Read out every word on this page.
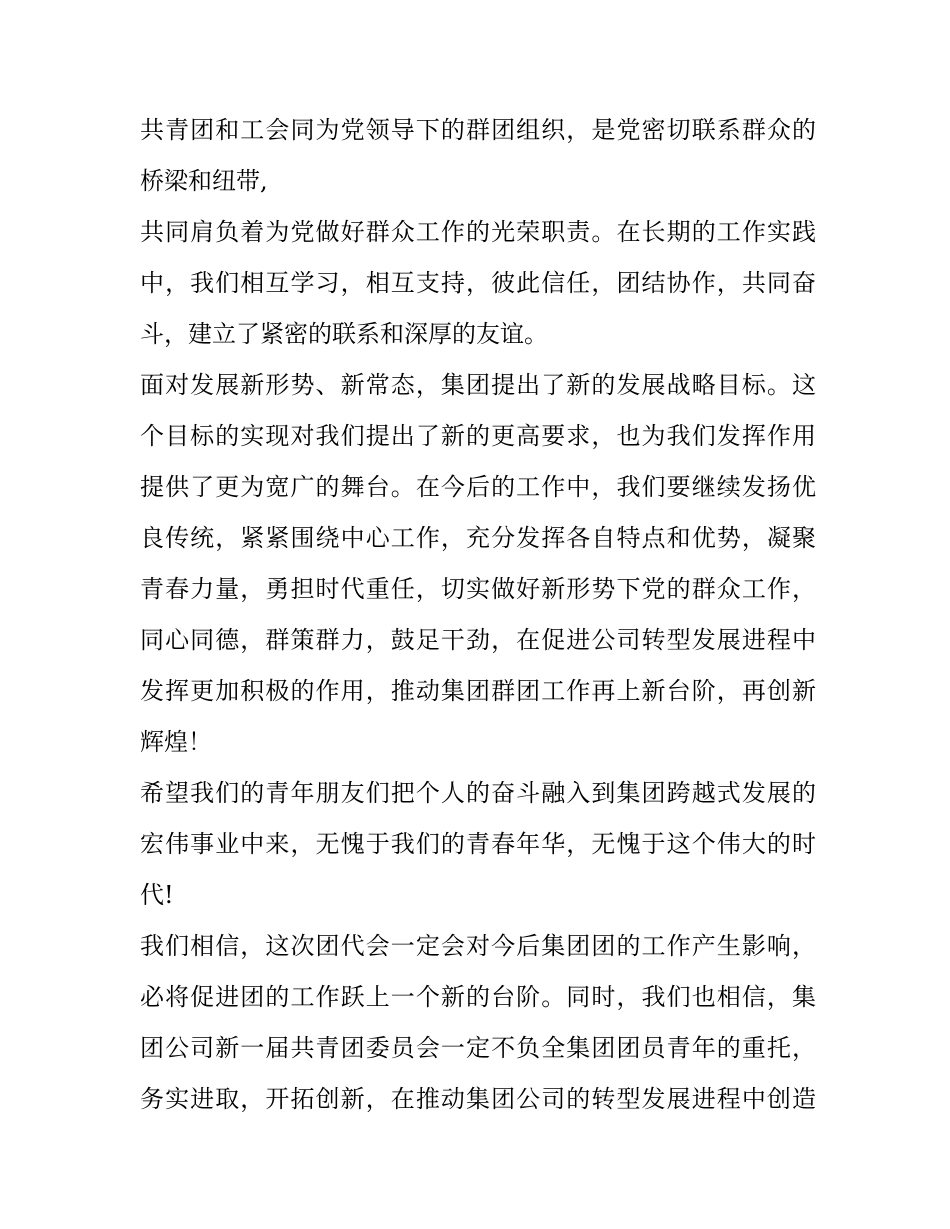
共青团和工会同为党领导下的群团组织，是党密切联系群众的
桥梁和纽带,
共同肩负着为党做好群众工作的光荣职责。在长期的工作实践
中，我们相互学习，相互支持，彼此信任，团结协作，共同奋
斗，建立了紧密的联系和深厚的友谊。
面对发展新形势、新常态，集团提出了新的发展战略目标。这
个目标的实现对我们提出了新的更高要求，也为我们发挥作用
提供了更为宽广的舞台。在今后的工作中，我们要继续发扬优
良传统，紧紧围绕中心工作，充分发挥各自特点和优势，凝聚
青春力量，勇担时代重任，切实做好新形势下党的群众工作，
同心同德，群策群力，鼓足干劲，在促进公司转型发展进程中
发挥更加积极的作用，推动集团群团工作再上新台阶，再创新
辉煌！
希望我们的青年朋友们把个人的奋斗融入到集团跨越式发展的
宏伟事业中来，无愧于我们的青春年华，无愧于这个伟大的时
代!
我们相信，这次团代会一定会对今后集团团的工作产生影响，
必将促进团的工作跃上一个新的台阶。同时，我们也相信，集
团公司新一届共青团委员会一定不负全集团团员青年的重托，
务实进取，开拓创新，在推动集团公司的转型发展进程中创造
